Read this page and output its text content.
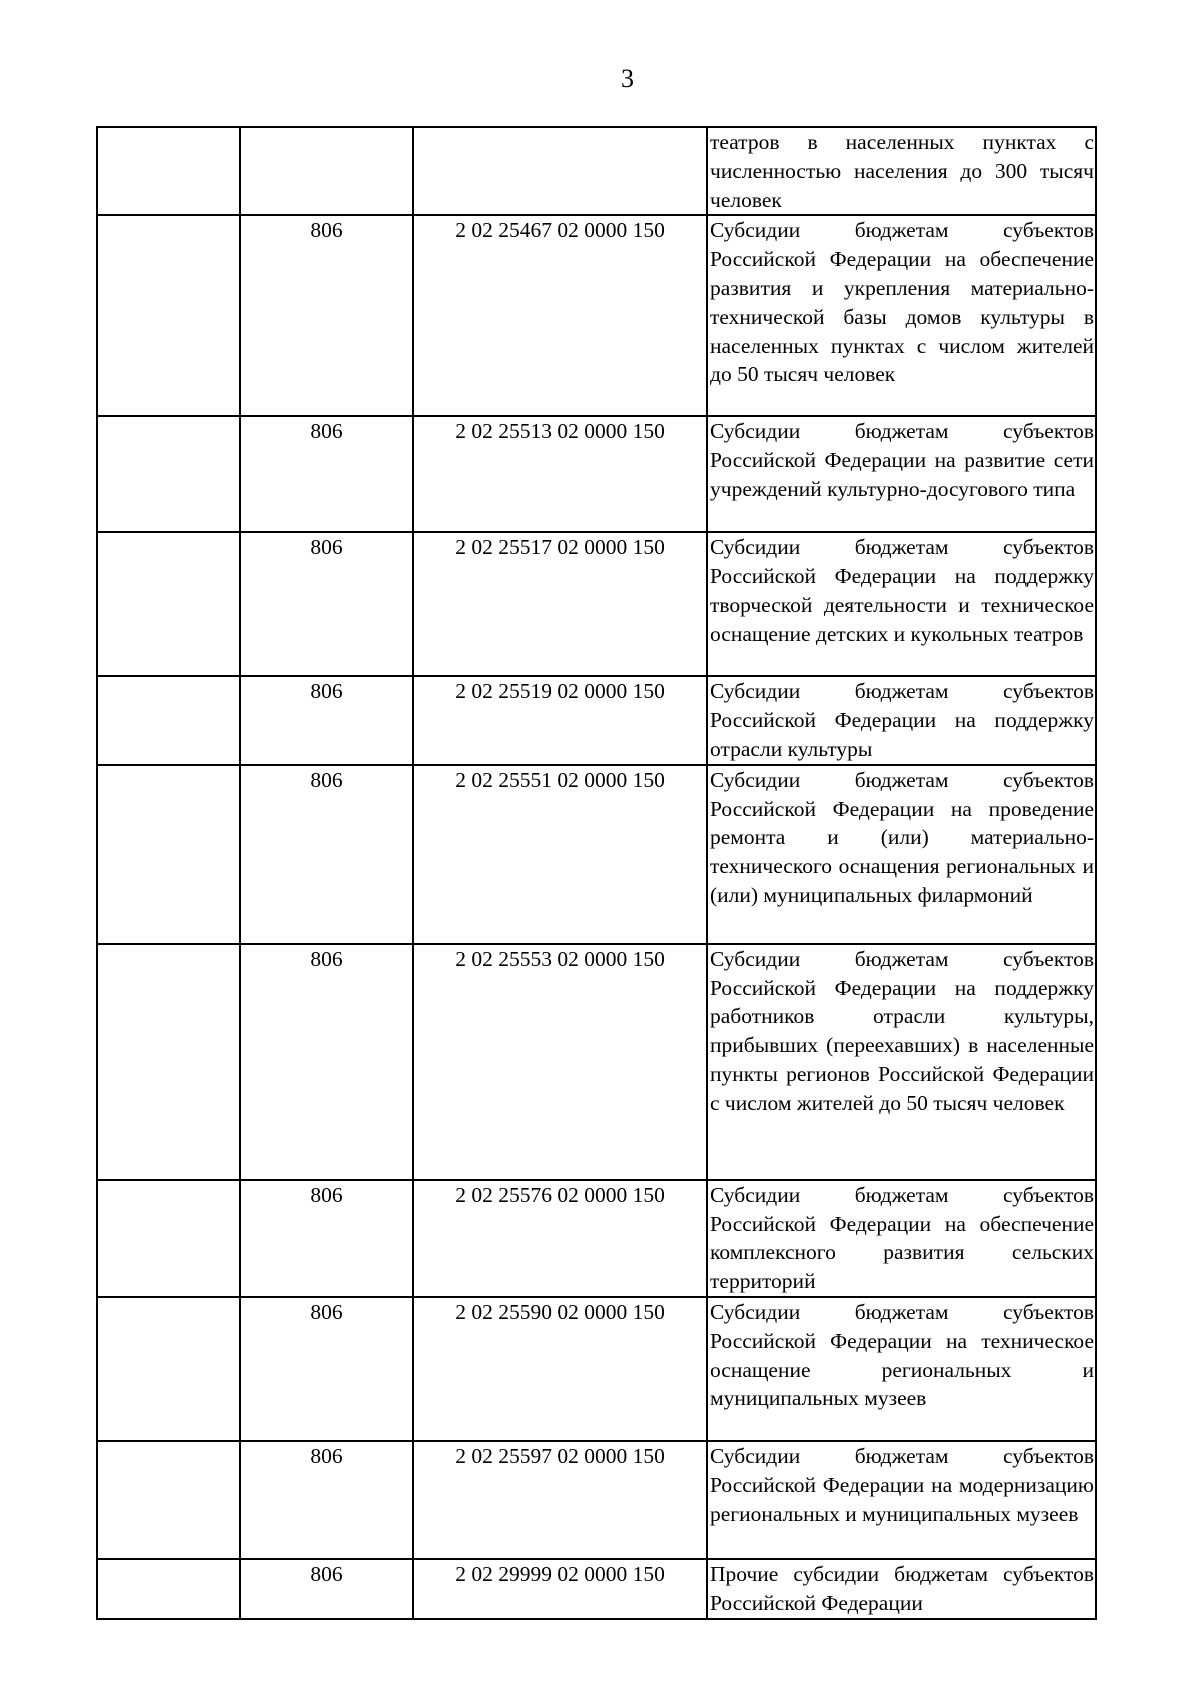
3
			театров в населенных пунктах с численностью населения до 300 тысяч человек
	806	2 02 25467 02 0000 150	Субсидии бюджетам субъектов Российской Федерации на обеспечение развития и укрепления материально-технической базы домов культуры в населенных пунктах с числом жителей до 50 тысяч человек
	806	2 02 25513 02 0000 150	Субсидии бюджетам субъектов Российской Федерации на развитие сети учреждений культурно-досугового типа
	806	2 02 25517 02 0000 150	Субсидии бюджетам субъектов Российской Федерации на поддержку творческой деятельности и техническое оснащение детских и кукольных театров
	806	2 02 25519 02 0000 150	Субсидии бюджетам субъектов Российской Федерации на поддержку отрасли культуры
	806	2 02 25551 02 0000 150	Субсидии бюджетам субъектов Российской Федерации на проведение ремонта и (или) материально-технического оснащения региональных и (или) муниципальных филармоний
	806	2 02 25553 02 0000 150	Субсидии бюджетам субъектов Российской Федерации на поддержку работников отрасли культуры, прибывших (переехавших) в населенные пункты регионов Российской Федерации с числом жителей до 50 тысяч человек
	806	2 02 25576 02 0000 150	Субсидии бюджетам субъектов Российской Федерации на обеспечение комплексного развития сельских территорий
	806	2 02 25590 02 0000 150	Субсидии бюджетам субъектов Российской Федерации на техническое оснащение региональных и муниципальных музеев
	806	2 02 25597 02 0000 150	Субсидии бюджетам субъектов Российской Федерации на модернизацию региональных и муниципальных музеев
	806	2 02 29999 02 0000 150	Прочие субсидии бюджетам субъектов Российской Федерации
